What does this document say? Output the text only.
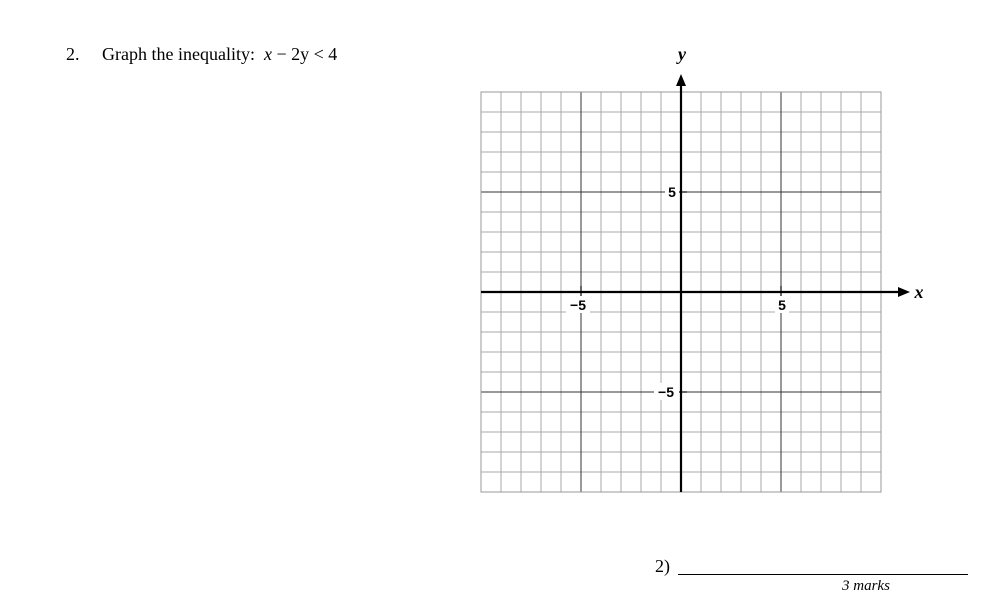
2. Graph the inequality: x − 2y < 4
−5	5
5
−5
x
y
2)
3 marks
